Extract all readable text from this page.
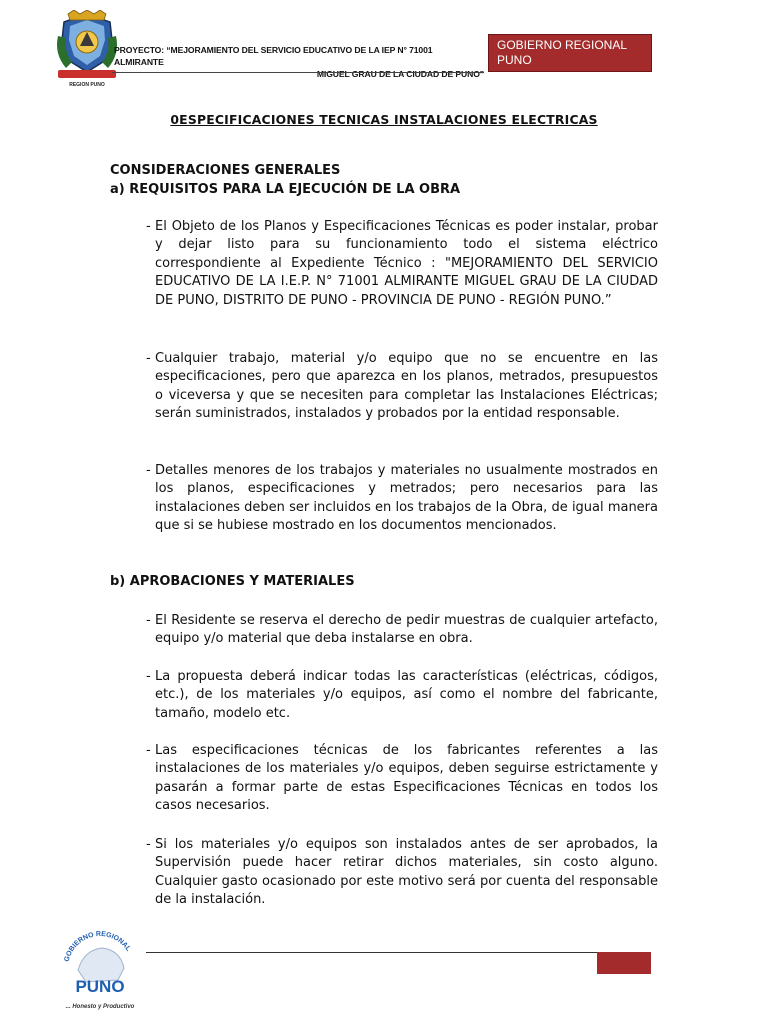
REGION PUNO
PROYECTO: “MEJORAMIENTO DEL SERVICIO EDUCATIVO DE LA IEP N° 71001 ALMIRANTE
MIGUEL GRAU DE LA CIUDAD DE PUNO”
GOBIERNO REGIONAL
PUNO
0ESPECIFICACIONES TECNICAS INSTALACIONES ELECTRICAS
CONSIDERACIONES GENERALES
a) REQUISITOS PARA LA EJECUCIÓN DE LA OBRA
- El Objeto de los Planos y Especificaciones Técnicas es poder instalar, probar y dejar listo para su funcionamiento todo el sistema eléctrico correspondiente al Expediente Técnico : "MEJORAMIENTO DEL SERVICIO EDUCATIVO DE LA I.E.P. N° 71001 ALMIRANTE MIGUEL GRAU DE LA CIUDAD DE PUNO, DISTRITO DE PUNO - PROVINCIA DE PUNO - REGIÓN PUNO.”
- Cualquier trabajo, material y/o equipo que no se encuentre en las especificaciones, pero que aparezca en los planos, metrados, presupuestos o viceversa y que se necesiten para completar las Instalaciones Eléctricas; serán suministrados, instalados y probados por la entidad responsable.
- Detalles menores de los trabajos y materiales no usualmente mostrados en los planos, especificaciones y metrados; pero necesarios para las instalaciones deben ser incluidos en los trabajos de la Obra, de igual manera que si se hubiese mostrado en los documentos mencionados.
b) APROBACIONES Y MATERIALES
- El Residente se reserva el derecho de pedir muestras de cualquier artefacto, equipo y/o material que deba instalarse en obra.
- La propuesta deberá indicar todas las características (eléctricas, códigos, etc.), de los materiales y/o equipos, así como el nombre del fabricante, tamaño, modelo etc.
- Las especificaciones técnicas de los fabricantes referentes a las instalaciones de los materiales y/o equipos, deben seguirse estrictamente y pasarán a formar parte de estas Especificaciones Técnicas en todos los casos necesarios.
- Si los materiales y/o equipos son instalados antes de ser aprobados, la Supervisión puede hacer retirar dichos materiales, sin costo alguno. Cualquier gasto ocasionado por este motivo será por cuenta del responsable de la instalación.
GOBIERNO REGIONAL
PUNO
... Honesto y Productivo
